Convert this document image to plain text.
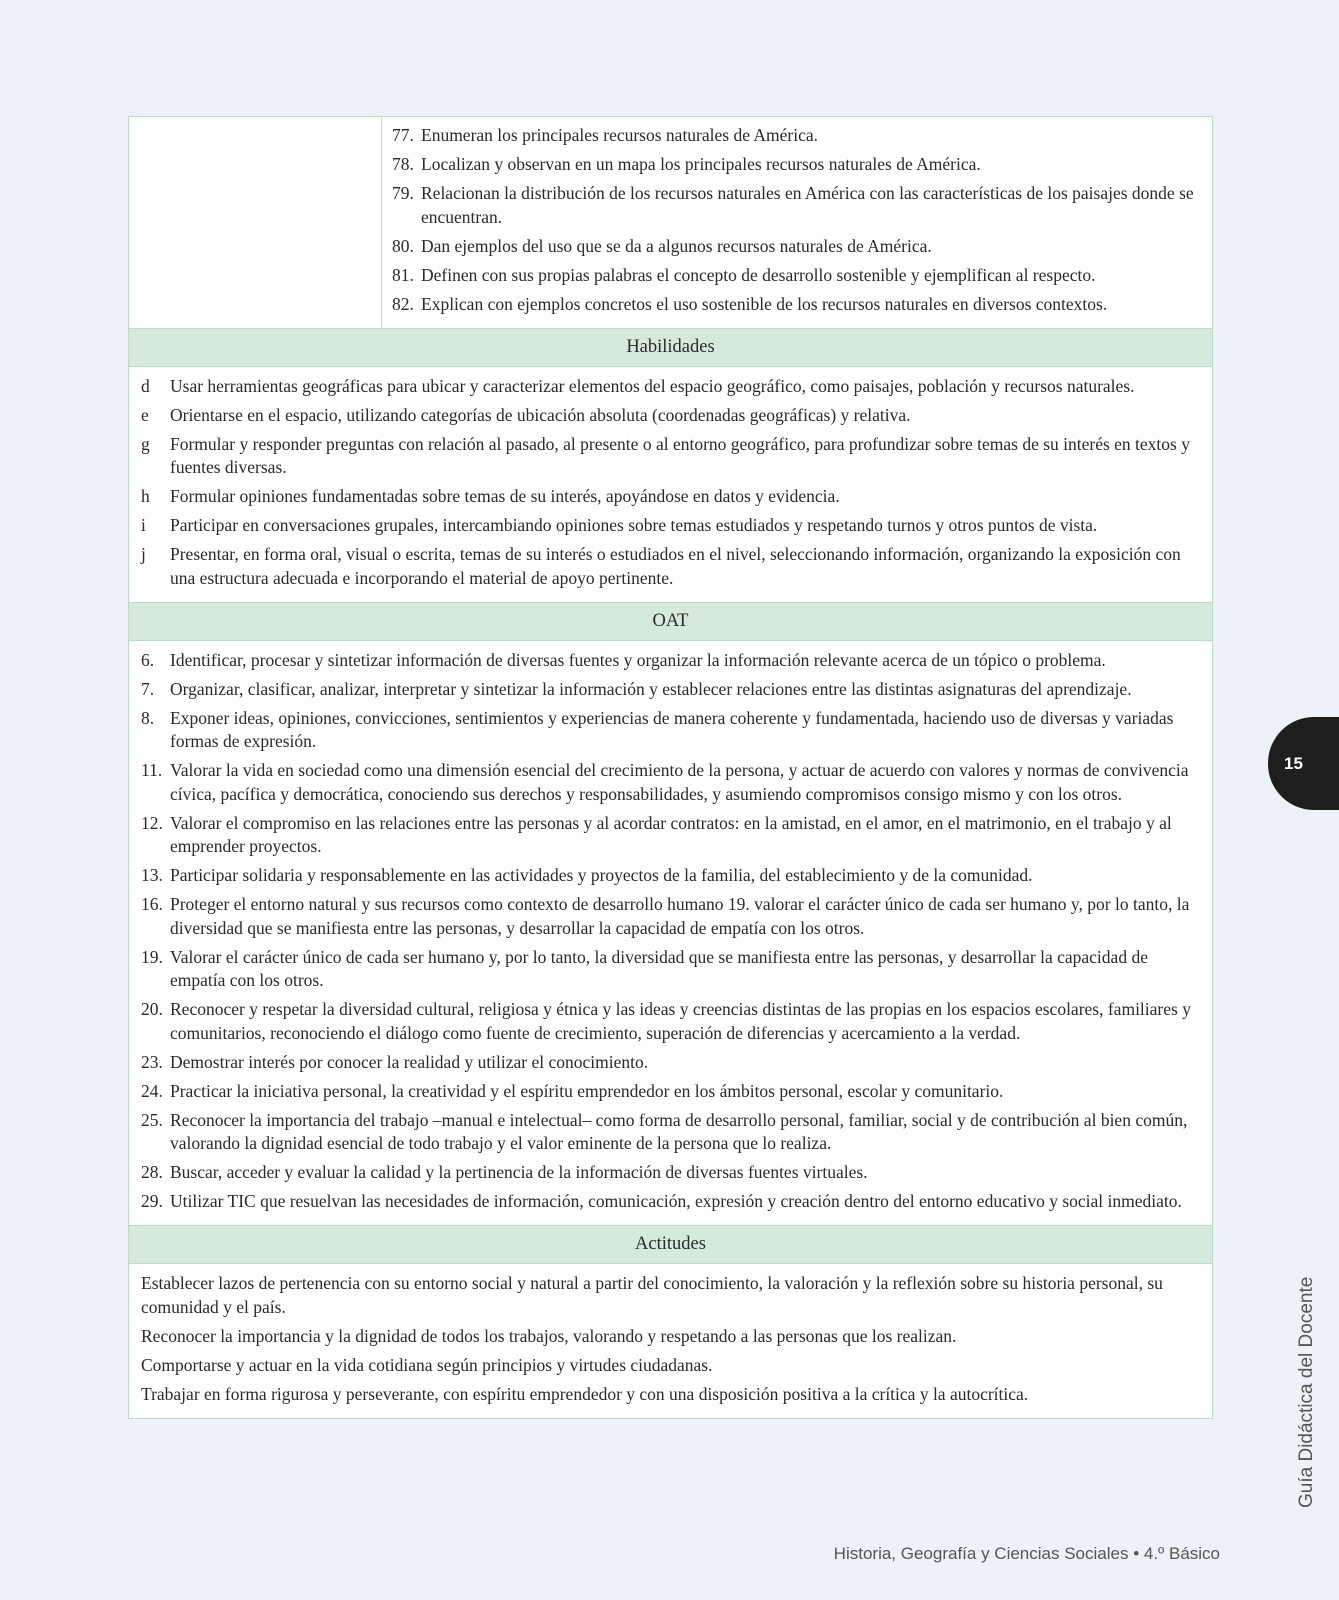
77. Enumeran los principales recursos naturales de América.
78. Localizan y observan en un mapa los principales recursos naturales de América.
79. Relacionan la distribución de los recursos naturales en América con las características de los paisajes donde se encuentran.
80. Dan ejemplos del uso que se da a algunos recursos naturales de América.
81. Definen con sus propias palabras el concepto de desarrollo sostenible y ejemplifican al respecto.
82. Explican con ejemplos concretos el uso sostenible de los recursos naturales en diversos contextos.
Habilidades
d	Usar herramientas geográficas para ubicar y caracterizar elementos del espacio geográfico, como paisajes, población y recursos naturales.
e	Orientarse en el espacio, utilizando categorías de ubicación absoluta (coordenadas geográficas) y relativa.
g	Formular y responder preguntas con relación al pasado, al presente o al entorno geográfico, para profundizar sobre temas de su interés en textos y fuentes diversas.
h	Formular opiniones fundamentadas sobre temas de su interés, apoyándose en datos y evidencia.
i	Participar en conversaciones grupales, intercambiando opiniones sobre temas estudiados y respetando turnos y otros puntos de vista.
j	Presentar, en forma oral, visual o escrita, temas de su interés o estudiados en el nivel, seleccionando información, organizando la exposición con una estructura adecuada e incorporando el material de apoyo pertinente.
OAT
6. Identificar, procesar y sintetizar información de diversas fuentes y organizar la información relevante acerca de un tópico o problema.
7. Organizar, clasificar, analizar, interpretar y sintetizar la información y establecer relaciones entre las distintas asignaturas del aprendizaje.
8. Exponer ideas, opiniones, convicciones, sentimientos y experiencias de manera coherente y fundamentada, haciendo uso de diversas y variadas formas de expresión.
11. Valorar la vida en sociedad como una dimensión esencial del crecimiento de la persona, y actuar de acuerdo con valores y normas de convivencia cívica, pacífica y democrática, conociendo sus derechos y responsabilidades, y asumiendo compromisos consigo mismo y con los otros.
12. Valorar el compromiso en las relaciones entre las personas y al acordar contratos: en la amistad, en el amor, en el matrimonio, en el trabajo y al emprender proyectos.
13. Participar solidaria y responsablemente en las actividades y proyectos de la familia, del establecimiento y de la comunidad.
16. Proteger el entorno natural y sus recursos como contexto de desarrollo humano 19. valorar el carácter único de cada ser humano y, por lo tanto, la diversidad que se manifiesta entre las personas, y desarrollar la capacidad de empatía con los otros.
19. Valorar el carácter único de cada ser humano y, por lo tanto, la diversidad que se manifiesta entre las personas, y desarrollar la capacidad de empatía con los otros.
20. Reconocer y respetar la diversidad cultural, religiosa y étnica y las ideas y creencias distintas de las propias en los espacios escolares, familiares y comunitarios, reconociendo el diálogo como fuente de crecimiento, superación de diferencias y acercamiento a la verdad.
23. Demostrar interés por conocer la realidad y utilizar el conocimiento.
24. Practicar la iniciativa personal, la creatividad y el espíritu emprendedor en los ámbitos personal, escolar y comunitario.
25. Reconocer la importancia del trabajo –manual e intelectual– como forma de desarrollo personal, familiar, social y de contribución al bien común, valorando la dignidad esencial de todo trabajo y el valor eminente de la persona que lo realiza.
28. Buscar, acceder y evaluar la calidad y la pertinencia de la información de diversas fuentes virtuales.
29. Utilizar TIC que resuelvan las necesidades de información, comunicación, expresión y creación dentro del entorno educativo y social inmediato.
Actitudes
Establecer lazos de pertenencia con su entorno social y natural a partir del conocimiento, la valoración y la reflexión sobre su historia personal, su comunidad y el país.
Reconocer la importancia y la dignidad de todos los trabajos, valorando y respetando a las personas que los realizan.
Comportarse y actuar en la vida cotidiana según principios y virtudes ciudadanas.
Trabajar en forma rigurosa y perseverante, con espíritu emprendedor y con una disposición positiva a la crítica y la autocrítica.
15
Guía Didáctica del Docente
Historia, Geografía y Ciencias Sociales • 4.º Básico
